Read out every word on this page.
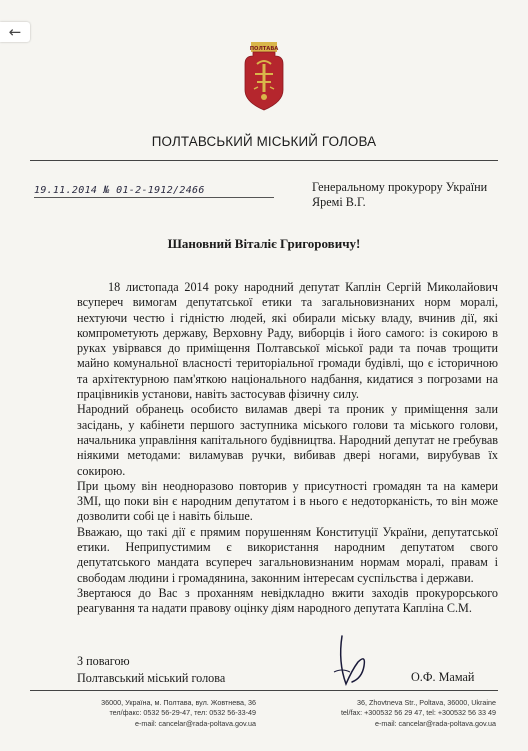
←
ПОЛТАВА
ПОЛТАВСЬКИЙ МІСЬКИЙ ГОЛОВА
19.11.2014 № 01-2-1912/2466	Генеральному прокурору України
Яремі В.Г.
Шановний Віталіє Григоровичу!

18 листопада 2014 року народний депутат Каплін Сергій Миколайович всупереч вимогам депутатської етики та загальновизнаних норм моралі, нехтуючи честю і гідністю людей, які обирали міську владу, вчинив дії, які компрометують державу, Верховну Раду, виборців і його самого: із сокирою в руках увірвався до приміщення Полтавської міської ради та почав трощити майно комунальної власності територіальної громади будівлі, що є історичною та архітектурною пам'яткою національного надбання, кидатися з погрозами на працівників установи, навіть застосував фізичну силу.

Народний обранець особисто виламав двері та проник у приміщення зали засідань, у кабінети першого заступника міського голови та міського голови, начальника управління капітального будівництва. Народний депутат не гребував ніякими методами: виламував ручки, вибивав двері ногами, вирубував їх сокирою.

При цьому він неодноразово повторив у присутності громадян та на камери ЗМІ, що поки він є народним депутатом і в нього є недоторканість, то він може дозволити собі це і навіть більше.

Вважаю, що такі дії є прямим порушенням Конституції України, депутатської етики. Неприпустимим є використання народним депутатом свого депутатського мандата всупереч загальновизнаним нормам моралі, правам і свободам людини і громадянина, законним інтересам суспільства і держави.

Звертаюся до Вас з проханням невідкладно вжити заходів прокурорського реагування та надати правову оцінку діям народного депутата Капліна С.М.

З повагою
Полтавський міський голова	О.Ф. Мамай
36000, Україна, м. Полтава, вул. Жовтнева, 36
тел/факс: 0532 56-29-47, тел: 0532 56-33-49
e-mail: cancelar@rada-poltava.gov.ua
36, Zhovtneva Str., Poltava, 36000, Ukraine
tel/fax: +300532 56 29 47, tel: +300532 56 33 49
e-mail: cancelar@rada-poltava.gov.ua
